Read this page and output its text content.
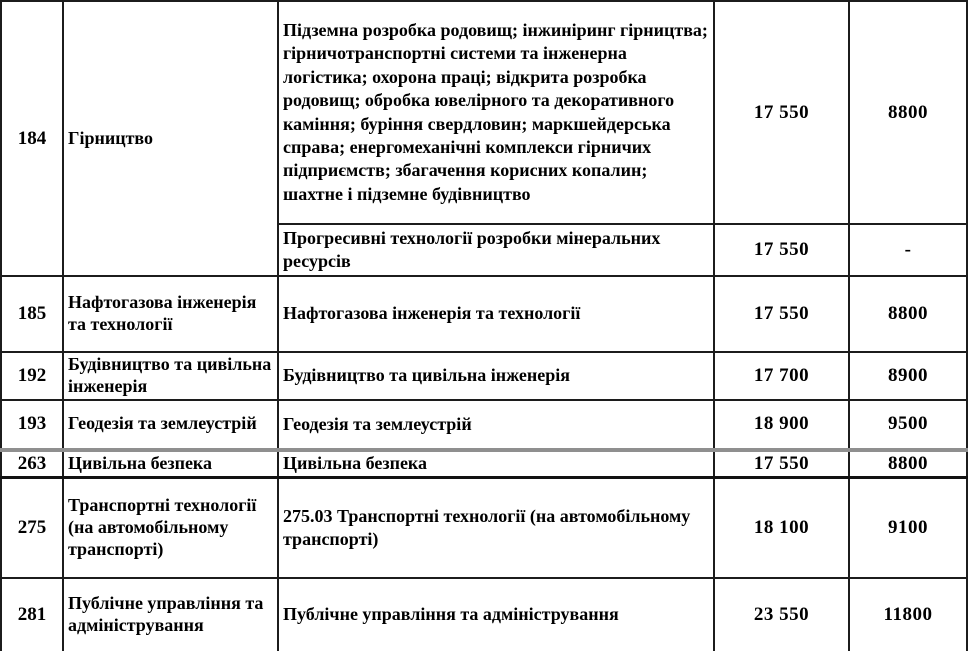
184	Гірництво	Підземна розробка родовищ; інжиніринг гірництва; гірничотранспортні системи та інженерна логістика; охорона праці; відкрита розробка родовищ; обробка ювелірного та декоративного каміння; буріння свердловин; маркшейдерська справа; енергомеханічні комплекси гірничих підприємств; збагачення корисних копалин; шахтне і підземне будівництво	17 550	8800
		Прогресивні технології розробки мінеральних ресурсів	17 550	-
185	Нафтогазова інженерія та технології	Нафтогазова інженерія та технології	17 550	8800
192	Будівництво та цивільна інженерія	Будівництво та цивільна інженерія	17 700	8900
193	Геодезія та землеустрій	Геодезія та землеустрій	18 900	9500
263	Цивільна безпека	Цивільна безпека	17 550	8800
275	Транспортні технології (на автомобільному транспорті)	275.03 Транспортні технології (на автомобільному транспорті)	18 100	9100
281	Публічне управління та адміністрування	Публічне управління та адміністрування	23 550	11800
